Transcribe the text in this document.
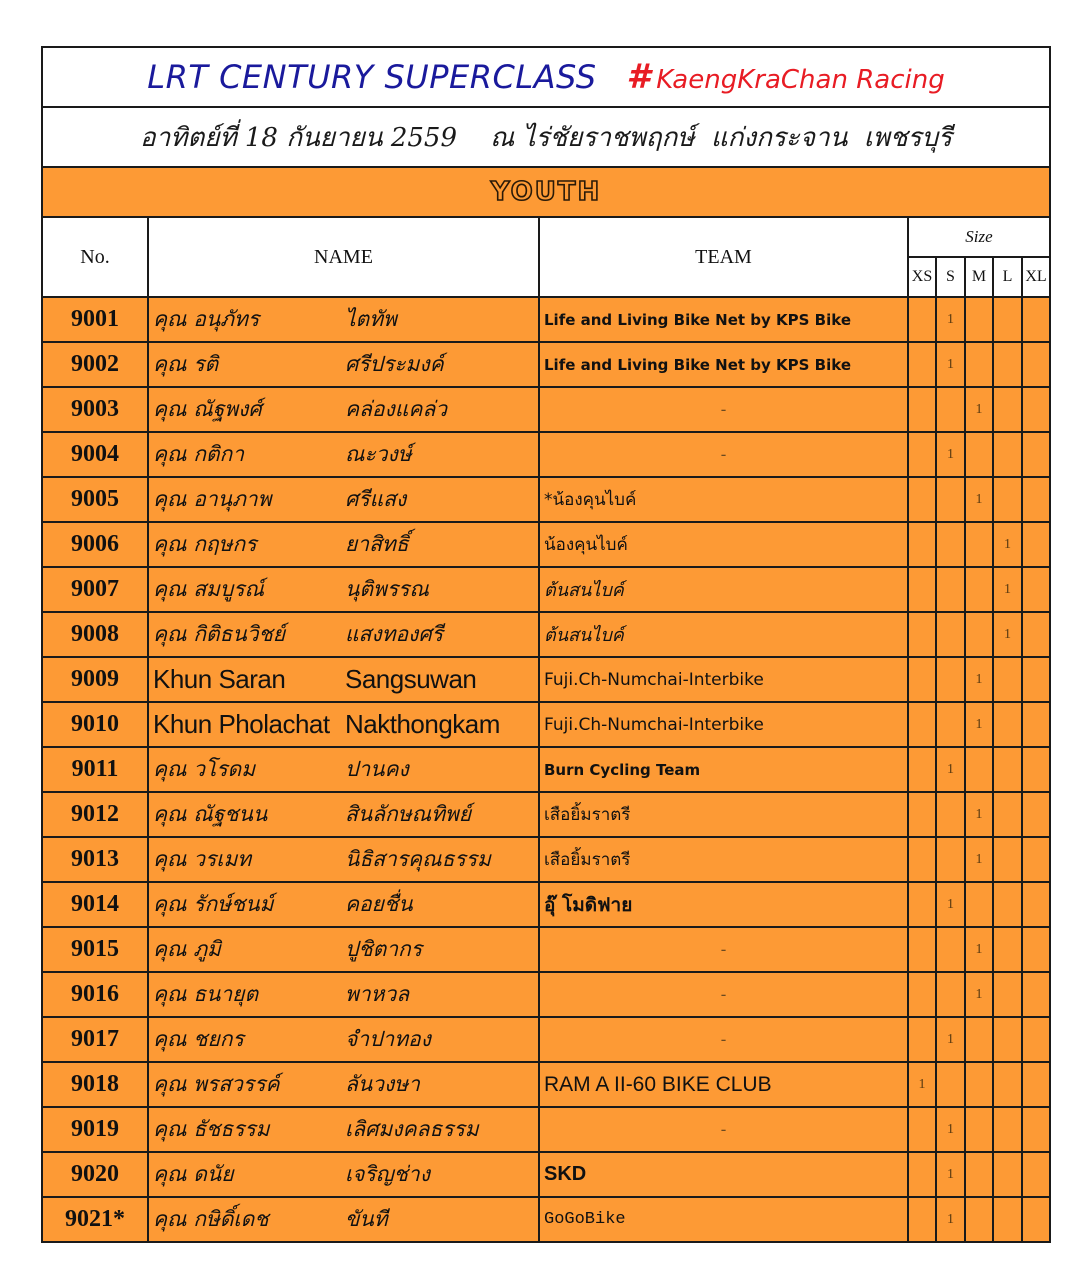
LRT CENTURY SUPERCLASS # KaengKraChan Racing
อาทิตย์ที่ 18 กันยายน 2559    ณ ไร่ชัยราชพฤกษ์  แก่งกระจาน  เพชรบุรี
YOUTH
No.	NAME	TEAM	Size				
			XS	S	M	L	XL
9001	คุณ อนุภัทร ไตทัพ	Life and Living Bike Net by KPS Bike		1			
9002	คุณ รติ ศรีประมงค์	Life and Living Bike Net by KPS Bike		1			
9003	คุณ ณัฐพงศ์ คล่องแคล่ว	-			1		
9004	คุณ กติกา ณะวงษ์	-		1			
9005	คุณ อานุภาพ ศรีแสง	*น้องคุนไบค์			1		
9006	คุณ กฤษกร ยาสิทธิ์	น้องคุนไบค์				1	
9007	คุณ สมบูรณ์ นุติพรรณ	ต้นสนไบค์				1	
9008	คุณ กิติธนวิชย์ แสงทองศรี	ต้นสนไบค์				1	
9009	Khun Saran Sangsuwan	Fuji.Ch-Numchai-Interbike			1		
9010	Khun Pholachat Nakthongkam	Fuji.Ch-Numchai-Interbike			1		
9011	คุณ วโรดม ปานคง	Burn Cycling Team		1			
9012	คุณ ณัฐชนน สินลักษณทิพย์	เสือยิ้มราตรี			1		
9013	คุณ วรเมท นิธิสารคุณธรรม	เสือยิ้มราตรี			1		
9014	คุณ รักษ์ชนม์ คอยชื่น	อุ๊ โมดิฟาย		1			
9015	คุณ ภูมิ ปูชิตากร	-			1		
9016	คุณ ธนายุต พาหวล	-			1		
9017	คุณ ชยกร จำปาทอง	-		1			
9018	คุณ พรสวรรค์ ลันวงษา	RAM A II-60 BIKE CLUB	1				
9019	คุณ ธัชธรรม เลิศมงคลธรรม	-		1			
9020	คุณ ดนัย เจริญช่าง	SKD		1			
9021*	คุณ กษิดิ์เดช ขันที	GoGoBike		1			
